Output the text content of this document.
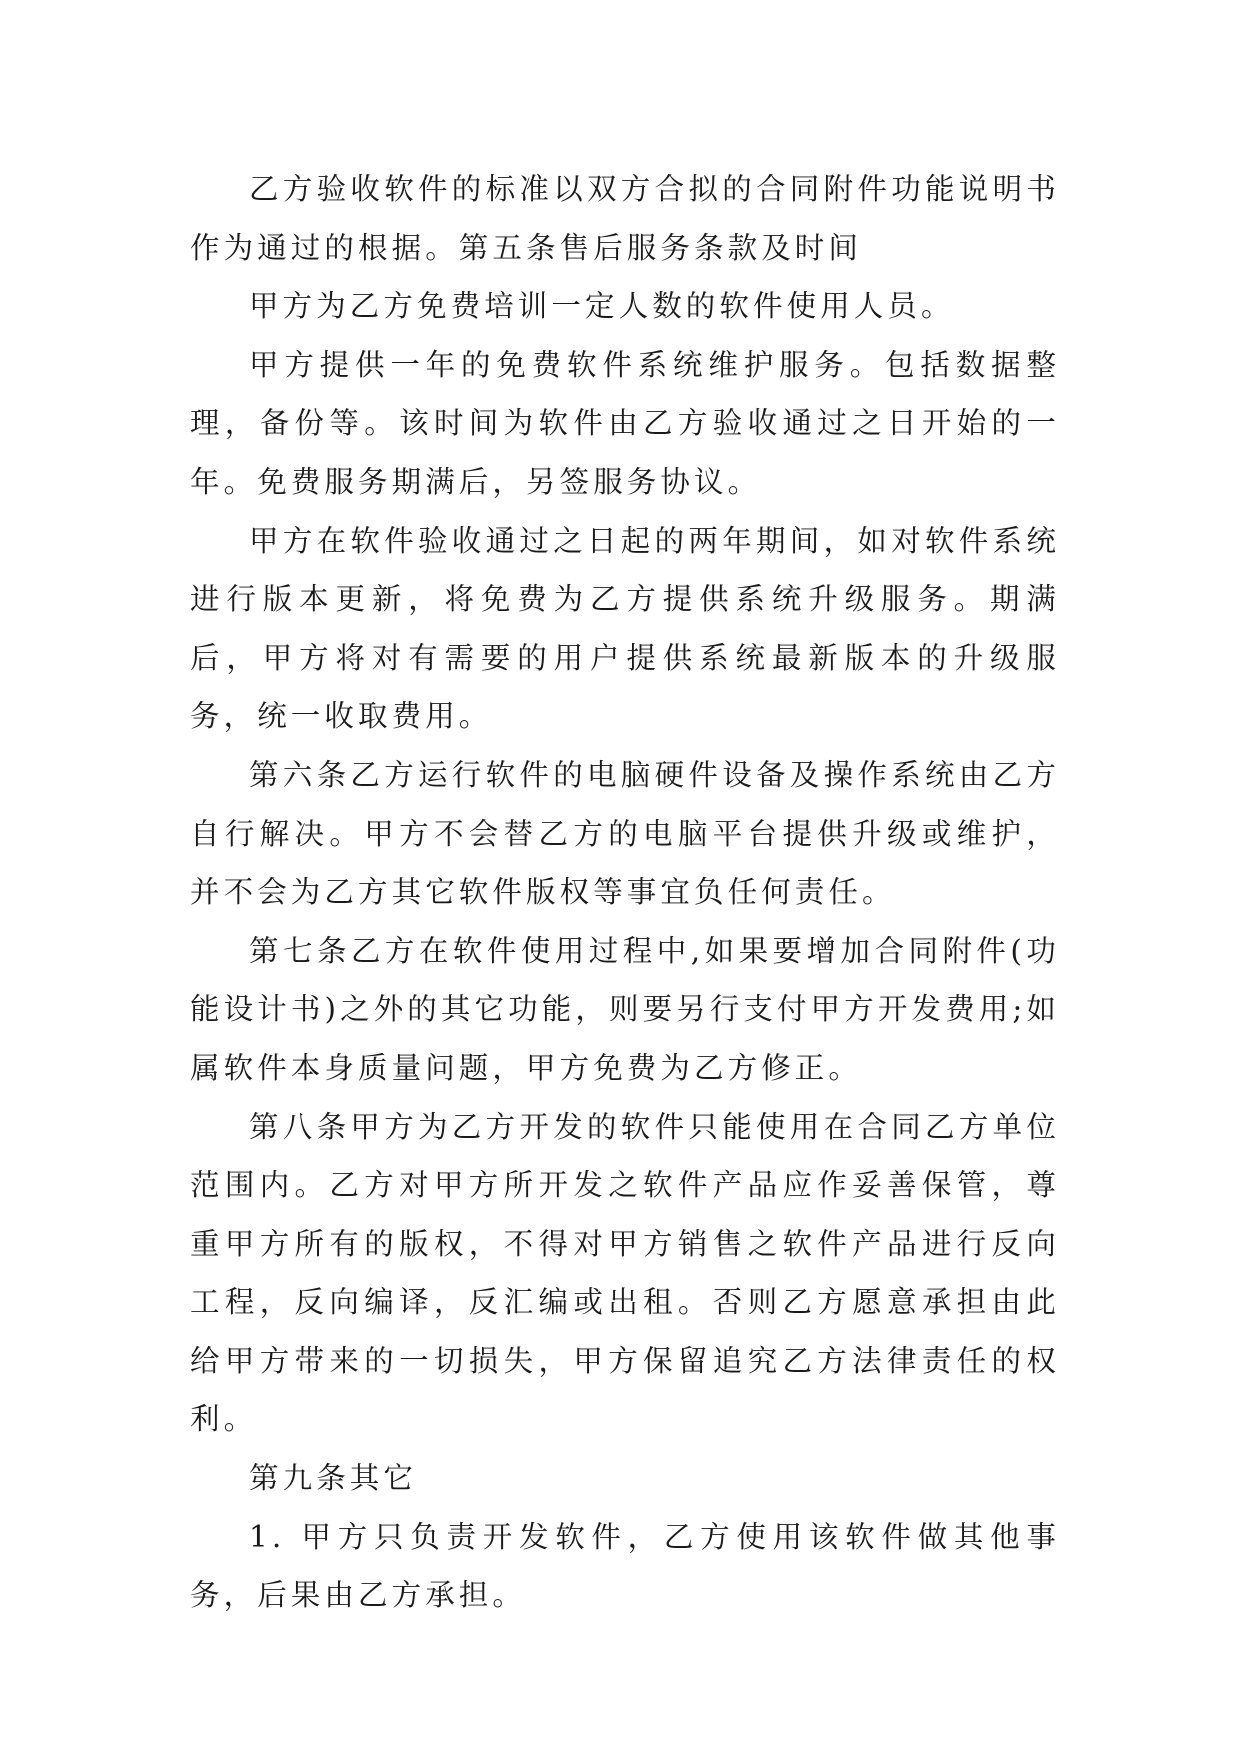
乙方验收软件的标准以双方合拟的合同附件功能说明书作为通过的根据。第五条售后服务条款及时间

甲方为乙方免费培训一定人数的软件使用人员。

甲方提供一年的免费软件系统维护服务。包括数据整理，备份等。该时间为软件由乙方验收通过之日开始的一年。免费服务期满后，另签服务协议。

甲方在软件验收通过之日起的两年期间，如对软件系统进行版本更新，将免费为乙方提供系统升级服务。期满后，甲方将对有需要的用户提供系统最新版本的升级服务，统一收取费用。

第六条乙方运行软件的电脑硬件设备及操作系统由乙方自行解决。甲方不会替乙方的电脑平台提供升级或维护，并不会为乙方其它软件版权等事宜负任何责任。

第七条乙方在软件使用过程中,如果要增加合同附件(功能设计书)之外的其它功能，则要另行支付甲方开发费用;如属软件本身质量问题，甲方免费为乙方修正。

第八条甲方为乙方开发的软件只能使用在合同乙方单位范围内。乙方对甲方所开发之软件产品应作妥善保管，尊重甲方所有的版权，不得对甲方销售之软件产品进行反向工程，反向编译，反汇编或出租。否则乙方愿意承担由此给甲方带来的一切损失，甲方保留追究乙方法律责任的权利。

第九条其它

1. 甲方只负责开发软件，乙方使用该软件做其他事务，后果由乙方承担。
